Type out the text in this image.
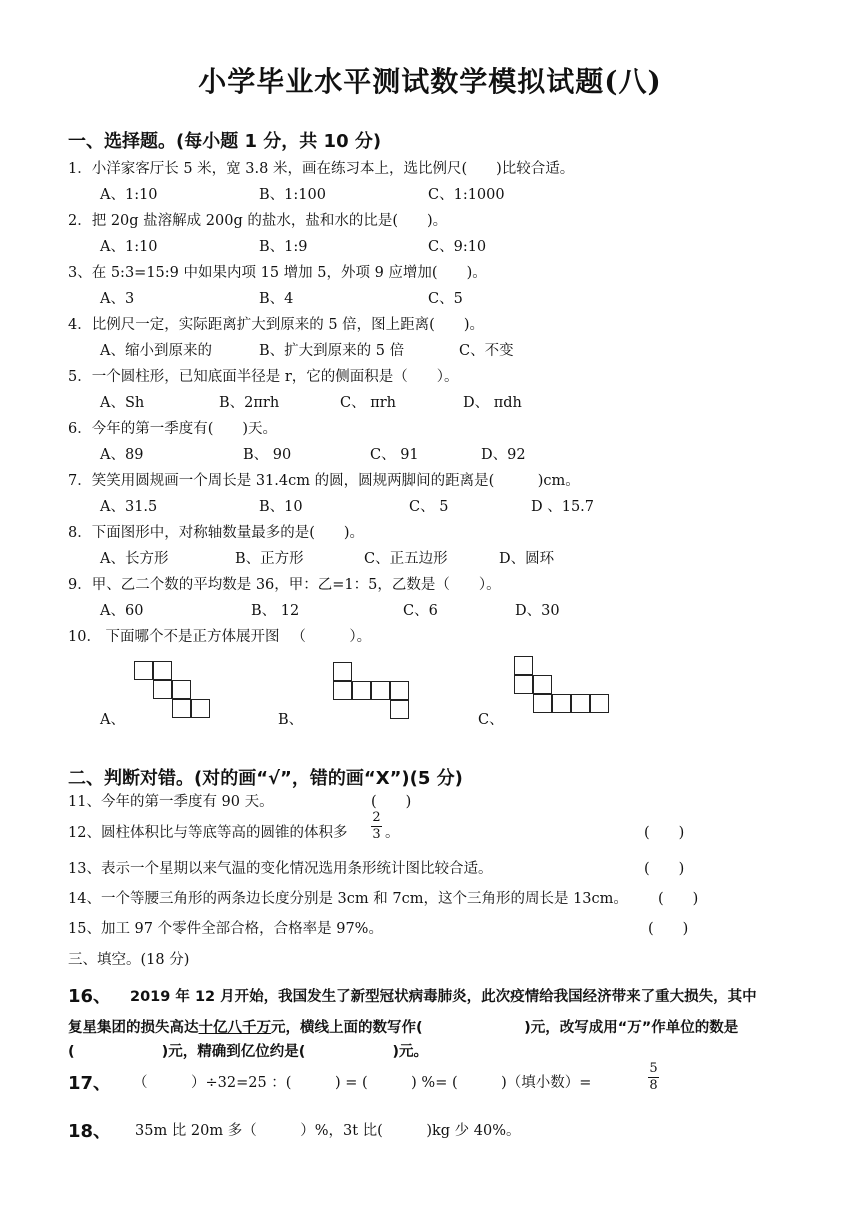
小学毕业水平测试数学模拟试题(八)
一、选择题。(每小题 1 分，共 10 分)
1．小洋家客厅长 5 米，宽 3.8 米，画在练习本上，选比例尺(　　)比较合适。
A、1:10	B、1:100	C、1:1000
2．把 20g 盐溶解成 200g 的盐水，盐和水的比是(　　)。
A、1:10	B、1:9	C、9:10
3、在 5:3=15:9 中如果内项 15 增加 5，外项 9 应增加(　　)。
A、3	B、4	C、5
4．比例尺一定，实际距离扩大到原来的 5 倍，图上距离(　　)。
A、缩小到原来的	B、扩大到原来的 5 倍	C、不变
5．一个圆柱形，已知底面半径是 r，它的侧面积是（　　）。
A、Sh	B、2πrh	C、 πrh	D、 πdh
6．今年的第一季度有(　　)天。
A、89	B、 90	C、 91	D、92
7．笑笑用圆规画一个周长是 31.4cm 的圆，圆规两脚间的距离是(　　　)cm。
A、31.5	B、10	C、 5	D 、15.7
8．下面图形中，对称轴数量最多的是(　　)。
A、长方形	B、正方形	C、正五边形	D、圆环
9．甲、乙二个数的平均数是 36，甲：乙=1：5，乙数是（　　）。
A、60	B、 12	C、6	D、30
10． 下面哪个不是正方体展开图 　（　　　）。
A、	B、	C、
二、判断对错。(对的画“√”，错的画“X”)(5 分)
11、今年的第一季度有 90 天。	(　　)
12、圆柱体积比与等底等高的圆锥的体积多
2
3 。	(　　)
13、表示一个星期以来气温的变化情况选用条形统计图比较合适。	(　　)
14、一个等腰三角形的两条边长度分别是 3cm 和 7cm，这个三角形的周长是 13cm。 (　　)
15、加工 97 个零件全部合格，合格率是 97%。	(　　)
三、填空。(18 分)
16、 2019 年 12 月开始，我国发生了新型冠状病毒肺炎，此次疫情给我国经济带来了重大损失，其中
复星集团的损失高达十亿八千万元，横线上面的数写作(　　　　　　　)元，改写成用“万”作单位的数是
(　　　　　　)元，精确到亿位约是(　　　　　　)元。
17、 （　　　）÷32=25 ：(　　　) = (　　　) %= (　　　)（填小数）=
5
8
18、 35m 比 20m 多（　　　）%，3t 比(　　　)kg 少 40%。
